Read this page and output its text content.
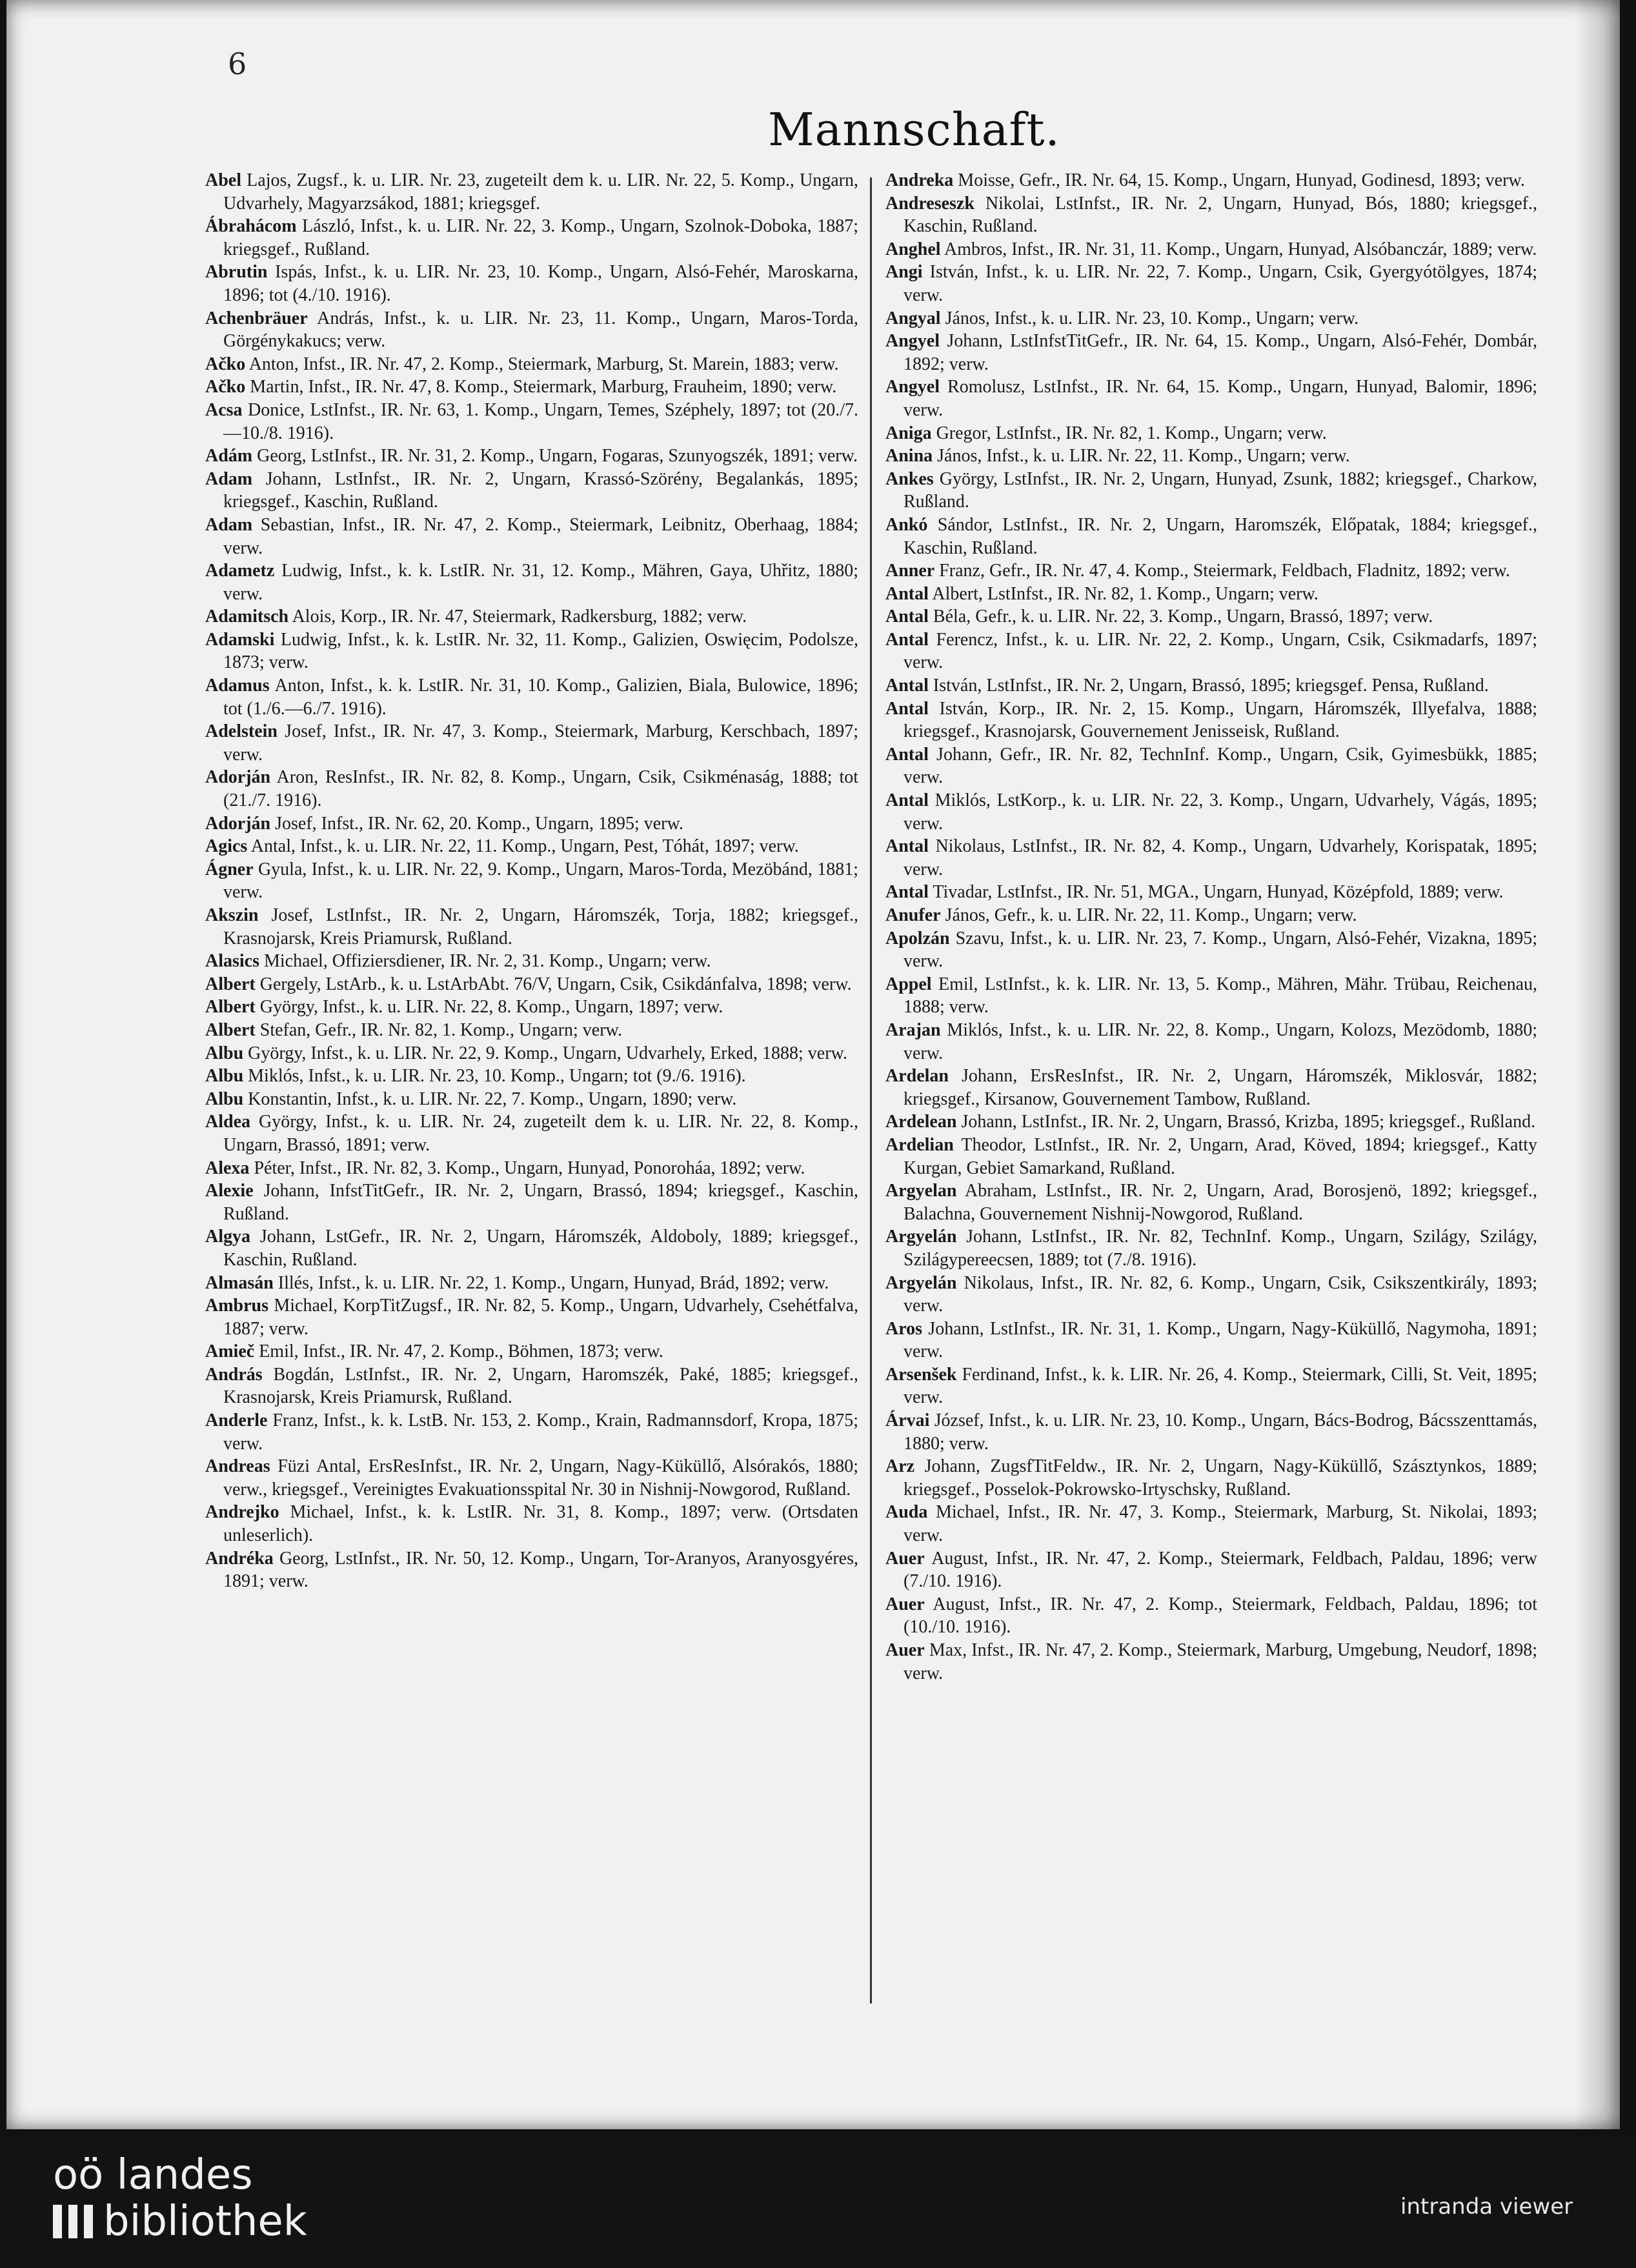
6
Mannschaft.

Abel Lajos, Zugsf., k. u. LIR. Nr. 23, zugeteilt dem k. u. LIR. Nr. 22, 5. Komp., Ungarn, Udvarhely, Magyarzsákod, 1881; kriegsgef.

Ábrahácom László, Infst., k. u. LIR. Nr. 22, 3. Komp., Ungarn, Szolnok-Doboka, 1887; kriegsgef., Rußland.

Abrutin Ispás, Infst., k. u. LIR. Nr. 23, 10. Komp., Ungarn, Alsó-Fehér, Maroskarna, 1896; tot (4./10. 1916).

Achenbräuer András, Infst., k. u. LIR. Nr. 23, 11. Komp., Ungarn, Maros-Torda, Görgénykakucs; verw.

Ačko Anton, Infst., IR. Nr. 47, 2. Komp., Steiermark, Marburg, St. Marein, 1883; verw.

Ačko Martin, Infst., IR. Nr. 47, 8. Komp., Steiermark, Marburg, Frauheim, 1890; verw.

Acsa Donice, LstInfst., IR. Nr. 63, 1. Komp., Ungarn, Temes, Széphely, 1897; tot (20./7.—10./8. 1916).

Adám Georg, LstInfst., IR. Nr. 31, 2. Komp., Ungarn, Fogaras, Szunyogszék, 1891; verw.

Adam Johann, LstInfst., IR. Nr. 2, Ungarn, Krassó-Szörény, Begalankás, 1895; kriegsgef., Kaschin, Rußland.

Adam Sebastian, Infst., IR. Nr. 47, 2. Komp., Steiermark, Leibnitz, Oberhaag, 1884; verw.

Adametz Ludwig, Infst., k. k. LstIR. Nr. 31, 12. Komp., Mähren, Gaya, Uhřitz, 1880; verw.

Adamitsch Alois, Korp., IR. Nr. 47, Steiermark, Radkersburg, 1882; verw.

Adamski Ludwig, Infst., k. k. LstIR. Nr. 32, 11. Komp., Galizien, Oswięcim, Podolsze, 1873; verw.

Adamus Anton, Infst., k. k. LstIR. Nr. 31, 10. Komp., Galizien, Biala, Bulowice, 1896; tot (1./6.—6./7. 1916).

Adelstein Josef, Infst., IR. Nr. 47, 3. Komp., Steiermark, Marburg, Kerschbach, 1897; verw.

Adorján Aron, ResInfst., IR. Nr. 82, 8. Komp., Ungarn, Csik, Csikménaság, 1888; tot (21./7. 1916).

Adorján Josef, Infst., IR. Nr. 62, 20. Komp., Ungarn, 1895; verw.

Agics Antal, Infst., k. u. LIR. Nr. 22, 11. Komp., Ungarn, Pest, Tóhát, 1897; verw.

Ágner Gyula, Infst., k. u. LIR. Nr. 22, 9. Komp., Ungarn, Maros-Torda, Mezöbánd, 1881; verw.

Akszin Josef, LstInfst., IR. Nr. 2, Ungarn, Háromszék, Torja, 1882; kriegsgef., Krasnojarsk, Kreis Priamursk, Rußland.

Alasics Michael, Offiziersdiener, IR. Nr. 2, 31. Komp., Ungarn; verw.

Albert Gergely, LstArb., k. u. LstArbAbt. 76/V, Ungarn, Csik, Csikdánfalva, 1898; verw.

Albert György, Infst., k. u. LIR. Nr. 22, 8. Komp., Ungarn, 1897; verw.

Albert Stefan, Gefr., IR. Nr. 82, 1. Komp., Ungarn; verw.

Albu György, Infst., k. u. LIR. Nr. 22, 9. Komp., Ungarn, Udvarhely, Erked, 1888; verw.

Albu Miklós, Infst., k. u. LIR. Nr. 23, 10. Komp., Ungarn; tot (9./6. 1916).

Albu Konstantin, Infst., k. u. LIR. Nr. 22, 7. Komp., Ungarn, 1890; verw.

Aldea György, Infst., k. u. LIR. Nr. 24, zugeteilt dem k. u. LIR. Nr. 22, 8. Komp., Ungarn, Brassó, 1891; verw.

Alexa Péter, Infst., IR. Nr. 82, 3. Komp., Ungarn, Hunyad, Ponoroháa, 1892; verw.

Alexie Johann, InfstTitGefr., IR. Nr. 2, Ungarn, Brassó, 1894; kriegsgef., Kaschin, Rußland.

Algya Johann, LstGefr., IR. Nr. 2, Ungarn, Háromszék, Aldoboly, 1889; kriegsgef., Kaschin, Rußland.

Almasán Illés, Infst., k. u. LIR. Nr. 22, 1. Komp., Ungarn, Hunyad, Brád, 1892; verw.

Ambrus Michael, KorpTitZugsf., IR. Nr. 82, 5. Komp., Ungarn, Udvarhely, Csehétfalva, 1887; verw.

Amieč Emil, Infst., IR. Nr. 47, 2. Komp., Böhmen, 1873; verw.

András Bogdán, LstInfst., IR. Nr. 2, Ungarn, Haromszék, Paké, 1885; kriegsgef., Krasnojarsk, Kreis Priamursk, Rußland.

Anderle Franz, Infst., k. k. LstB. Nr. 153, 2. Komp., Krain, Radmannsdorf, Kropa, 1875; verw.

Andreas Füzi Antal, ErsResInfst., IR. Nr. 2, Ungarn, Nagy-Küküllő, Alsórakós, 1880; verw., kriegsgef., Vereinigtes Evakuationsspital Nr. 30 in Nishnij-Nowgorod, Rußland.

Andrejko Michael, Infst., k. k. LstIR. Nr. 31, 8. Komp., 1897; verw. (Ortsdaten unleserlich).

Andréka Georg, LstInfst., IR. Nr. 50, 12. Komp., Ungarn, Tor-Aranyos, Aranyosgyéres, 1891; verw.

Andreka Moisse, Gefr., IR. Nr. 64, 15. Komp., Ungarn, Hunyad, Godinesd, 1893; verw.

Andreseszk Nikolai, LstInfst., IR. Nr. 2, Ungarn, Hunyad, Bós, 1880; kriegsgef., Kaschin, Rußland.

Anghel Ambros, Infst., IR. Nr. 31, 11. Komp., Ungarn, Hunyad, Alsóbanczár, 1889; verw.

Angi István, Infst., k. u. LIR. Nr. 22, 7. Komp., Ungarn, Csik, Gyergyótölgyes, 1874; verw.

Angyal János, Infst., k. u. LIR. Nr. 23, 10. Komp., Ungarn; verw.

Angyel Johann, LstInfstTitGefr., IR. Nr. 64, 15. Komp., Ungarn, Alsó-Fehér, Dombár, 1892; verw.

Angyel Romolusz, LstInfst., IR. Nr. 64, 15. Komp., Ungarn, Hunyad, Balomir, 1896; verw.

Aniga Gregor, LstInfst., IR. Nr. 82, 1. Komp., Ungarn; verw.

Anina János, Infst., k. u. LIR. Nr. 22, 11. Komp., Ungarn; verw.

Ankes György, LstInfst., IR. Nr. 2, Ungarn, Hunyad, Zsunk, 1882; kriegsgef., Charkow, Rußland.

Ankó Sándor, LstInfst., IR. Nr. 2, Ungarn, Haromszék, Előpatak, 1884; kriegsgef., Kaschin, Rußland.

Anner Franz, Gefr., IR. Nr. 47, 4. Komp., Steiermark, Feldbach, Fladnitz, 1892; verw.

Antal Albert, LstInfst., IR. Nr. 82, 1. Komp., Ungarn; verw.

Antal Béla, Gefr., k. u. LIR. Nr. 22, 3. Komp., Ungarn, Brassó, 1897; verw.

Antal Ferencz, Infst., k. u. LIR. Nr. 22, 2. Komp., Ungarn, Csik, Csikmadarfs, 1897; verw.

Antal István, LstInfst., IR. Nr. 2, Ungarn, Brassó, 1895; kriegsgef. Pensa, Rußland.

Antal István, Korp., IR. Nr. 2, 15. Komp., Ungarn, Háromszék, Illyefalva, 1888; kriegsgef., Krasnojarsk, Gouvernement Jenisseisk, Rußland.

Antal Johann, Gefr., IR. Nr. 82, TechnInf. Komp., Ungarn, Csik, Gyimesbükk, 1885; verw.

Antal Miklós, LstKorp., k. u. LIR. Nr. 22, 3. Komp., Ungarn, Udvarhely, Vágás, 1895; verw.

Antal Nikolaus, LstInfst., IR. Nr. 82, 4. Komp., Ungarn, Udvarhely, Korispatak, 1895; verw.

Antal Tivadar, LstInfst., IR. Nr. 51, MGA., Ungarn, Hunyad, Középfold, 1889; verw.

Anufer János, Gefr., k. u. LIR. Nr. 22, 11. Komp., Ungarn; verw.

Apolzán Szavu, Infst., k. u. LIR. Nr. 23, 7. Komp., Ungarn, Alsó-Fehér, Vizakna, 1895; verw.

Appel Emil, LstInfst., k. k. LIR. Nr. 13, 5. Komp., Mähren, Mähr. Trübau, Reichenau, 1888; verw.

Arajan Miklós, Infst., k. u. LIR. Nr. 22, 8. Komp., Ungarn, Kolozs, Mezödomb, 1880; verw.

Ardelan Johann, ErsResInfst., IR. Nr. 2, Ungarn, Háromszék, Miklosvár, 1882; kriegsgef., Kirsanow, Gouvernement Tambow, Rußland.

Ardelean Johann, LstInfst., IR. Nr. 2, Ungarn, Brassó, Krizba, 1895; kriegsgef., Rußland.

Ardelian Theodor, LstInfst., IR. Nr. 2, Ungarn, Arad, Köved, 1894; kriegsgef., Katty Kurgan, Gebiet Samarkand, Rußland.

Argyelan Abraham, LstInfst., IR. Nr. 2, Ungarn, Arad, Borosjenö, 1892; kriegsgef., Balachna, Gouvernement Nishnij-Nowgorod, Rußland.

Argyelán Johann, LstInfst., IR. Nr. 82, TechnInf. Komp., Ungarn, Szilágy, Szilágy, Szilágypereecsen, 1889; tot (7./8. 1916).

Argyelán Nikolaus, Infst., IR. Nr. 82, 6. Komp., Ungarn, Csik, Csikszentkirály, 1893; verw.

Aros Johann, LstInfst., IR. Nr. 31, 1. Komp., Ungarn, Nagy-Küküllő, Nagymoha, 1891; verw.

Arsenšek Ferdinand, Infst., k. k. LIR. Nr. 26, 4. Komp., Steiermark, Cilli, St. Veit, 1895; verw.

Árvai József, Infst., k. u. LIR. Nr. 23, 10. Komp., Ungarn, Bács-Bodrog, Bácsszenttamás, 1880; verw.

Arz Johann, ZugsfTitFeldw., IR. Nr. 2, Ungarn, Nagy-Küküllő, Szásztynkos, 1889; kriegsgef., Posselok-Pokrowsko-Irtyschsky, Rußland.

Auda Michael, Infst., IR. Nr. 47, 3. Komp., Steiermark, Marburg, St. Nikolai, 1893; verw.

Auer August, Infst., IR. Nr. 47, 2. Komp., Steiermark, Feldbach, Paldau, 1896; verw (7./10. 1916).

Auer August, Infst., IR. Nr. 47, 2. Komp., Steiermark, Feldbach, Paldau, 1896; tot (10./10. 1916).

Auer Max, Infst., IR. Nr. 47, 2. Komp., Steiermark, Marburg, Umgebung, Neudorf, 1898; verw.

oö landes
bibliothek	intranda viewer
